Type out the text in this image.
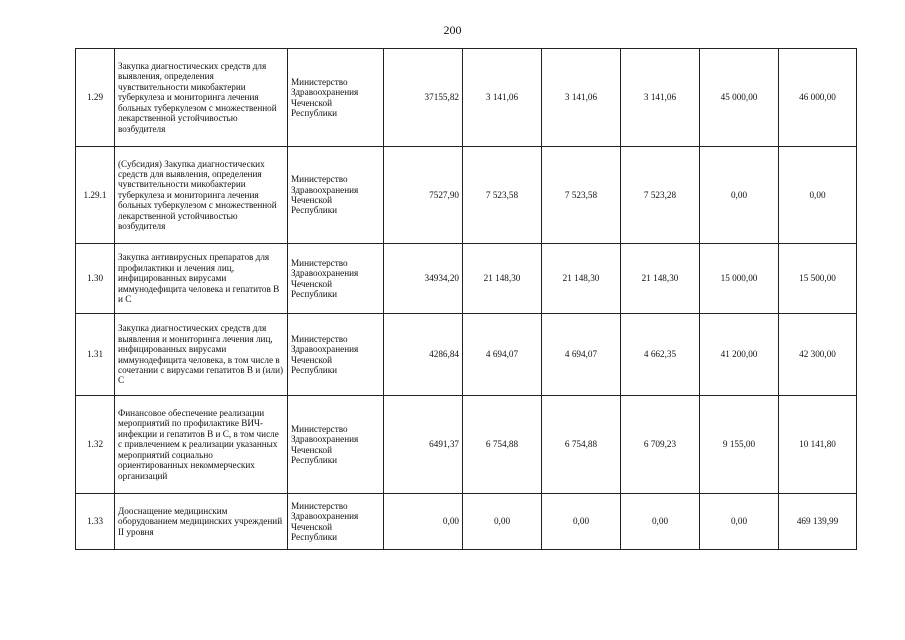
200
1.29	Закупка диагностических средств для выявления, определения чувствительности микобактерии туберкулеза и мониторинга лечения больных туберкулезом с множественной лекарственной устойчивостью возбудителя	Министерство Здравоохранения Чеченской Республики	37155,82	3 141,06	3 141,06	3 141,06	45 000,00	46 000,00
1.29.1	(Субсидия) Закупка диагностических средств для выявления, определения чувствительности микобактерии туберкулеза и мониторинга лечения больных туберкулезом с множественной лекарственной устойчивостью возбудителя	Министерство Здравоохранения Чеченской Республики	7527,90	7 523,58	7 523,58	7 523,28	0,00	0,00
1.30	Закупка антивирусных препаратов для профилактики и лечения лиц, инфицированных вирусами иммунодефицита человека и гепатитов B и C	Министерство Здравоохранения Чеченской Республики	34934,20	21 148,30	21 148,30	21 148,30	15 000,00	15 500,00
1.31	Закупка диагностических средств для выявления и мониторинга лечения лиц, инфицированных вирусами иммунодефицита человека, в том числе в сочетании с вирусами гепатитов B и (или) C	Министерство Здравоохранения Чеченской Республики	4286,84	4 694,07	4 694,07	4 662,35	41 200,00	42 300,00
1.32	Финансовое обеспечение реализации мероприятий по профилактике ВИЧ-инфекции и гепатитов B и C, в том числе с привлечением к реализации указанных мероприятий социально ориентированных некоммерческих организаций	Министерство Здравоохранения Чеченской Республики	6491,37	6 754,88	6 754,88	6 709,23	9 155,00	10 141,80
1.33	Дооснащение медицинским оборудованием медицинских учреждений II уровня	Министерство Здравоохранения Чеченской Республики	0,00	0,00	0,00	0,00	0,00	469 139,99
